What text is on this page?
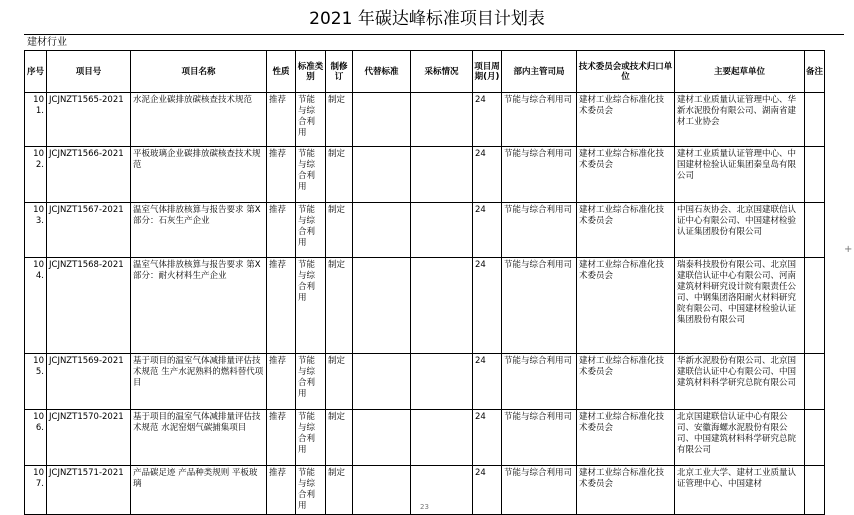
2021 年碳达峰标准项目计划表
建材行业
序号	项目号	项目名称	性质	标准类别	制修订	代替标准	采标情况	项目周期(月)	部内主管司局	技术委员会或技术归口单位	主要起草单位	备注
101.	JCJNZT1565-2021	水泥企业碳排放碳核查技术规范	推荐	节能与综合利用	制定			24	节能与综合利用司	建材工业综合标准化技术委员会	建材工业质量认证管理中心、华新水泥股份有限公司、湖南省建材工业协会	
102.	JCJNZT1566-2021	平板玻璃企业碳排放碳核查技术规范	推荐	节能与综合利用	制定			24	节能与综合利用司	建材工业综合标准化技术委员会	建材工业质量认证管理中心、中国建材检验认证集团秦皇岛有限公司	
103.	JCJNZT1567-2021	温室气体排放核算与报告要求 第X部分：石灰生产企业	推荐	节能与综合利用	制定			24	节能与综合利用司	建材工业综合标准化技术委员会	中国石灰协会、北京国建联信认证中心有限公司、中国建材检验认证集团股份有限公司	
104.	JCJNZT1568-2021	温室气体排放核算与报告要求 第X部分：耐火材料生产企业	推荐	节能与综合利用	制定			24	节能与综合利用司	建材工业综合标准化技术委员会	瑞泰科技股份有限公司、北京国建联信认证中心有限公司、河南建筑材料研究设计院有限责任公司、中钢集团洛阳耐火材料研究院有限公司、中国建材检验认证集团股份有限公司	
105.	JCJNZT1569-2021	基于项目的温室气体减排量评估技术规范 生产水泥熟料的燃料替代项目	推荐	节能与综合利用	制定			24	节能与综合利用司	建材工业综合标准化技术委员会	华新水泥股份有限公司、北京国建联信认证中心有限公司、中国建筑材料科学研究总院有限公司	
106.	JCJNZT1570-2021	基于项目的温室气体减排量评估技术规范 水泥窑烟气碳捕集项目	推荐	节能与综合利用	制定			24	节能与综合利用司	建材工业综合标准化技术委员会	北京国建联信认证中心有限公司、安徽海螺水泥股份有限公司、中国建筑材料科学研究总院有限公司	
107.	JCJNZT1571-2021	产品碳足迹 产品种类规则 平板玻璃	推荐	节能与综合利用	制定			24	节能与综合利用司	建材工业综合标准化技术委员会	北京工业大学、建材工业质量认证管理中心、中国建材	
+
23
